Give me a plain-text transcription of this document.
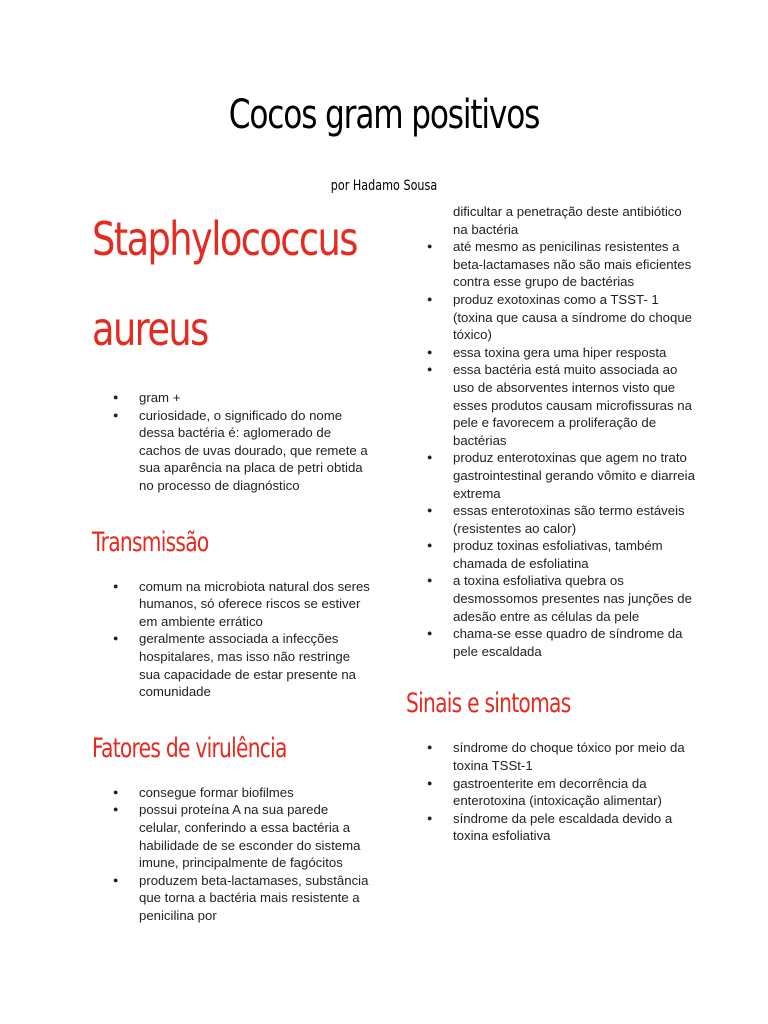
Cocos gram positivos

por Hadamo Sousa

Staphylococcus
aureus
● gram +
● curiosidade, o significado do nome dessa bactéria é: aglomerado de cachos de uvas dourado, que remete a sua aparência na placa de petri obtida no processo de diagnóstico
Transmissão
● comum na microbiota natural dos seres humanos, só oferece riscos se estiver em ambiente errático
● geralmente associada a infecções hospitalares, mas isso não restringe sua capacidade de estar presente na comunidade
Fatores de virulência
● consegue formar biofilmes
● possui proteína A na sua parede celular, conferindo a essa bactéria a habilidade de se esconder do sistema imune, principalmente de fagócitos
● produzem beta-lactamases, substância que torna a bactéria mais resistente a penicilina por
dificultar a penetração deste antibiótico na bactéria
● até mesmo as penicilinas resistentes a beta-lactamases não são mais eficientes contra esse grupo de bactérias
● produz exotoxinas como a TSST- 1 (toxina que causa a síndrome do choque tóxico)
● essa toxina gera uma hiper resposta
● essa bactéria está muito associada ao uso de absorventes internos visto que esses produtos causam microfissuras na pele e favorecem a proliferação de bactérias
● produz enterotoxinas que agem no trato gastrointestinal gerando vômito e diarreia extrema
● essas enterotoxinas são termo estáveis (resistentes ao calor)
● produz toxinas esfoliativas, também chamada de esfoliatina
● a toxina esfoliativa quebra os desmossomos presentes nas junções de adesão entre as células da pele
● chama-se esse quadro de síndrome da pele escaldada
Sinais e sintomas
● síndrome do choque tóxico por meio da toxina TSSt-1
● gastroenterite em decorrência da enterotoxina (intoxicação alimentar)
● síndrome da pele escaldada devido a toxina esfoliativa
